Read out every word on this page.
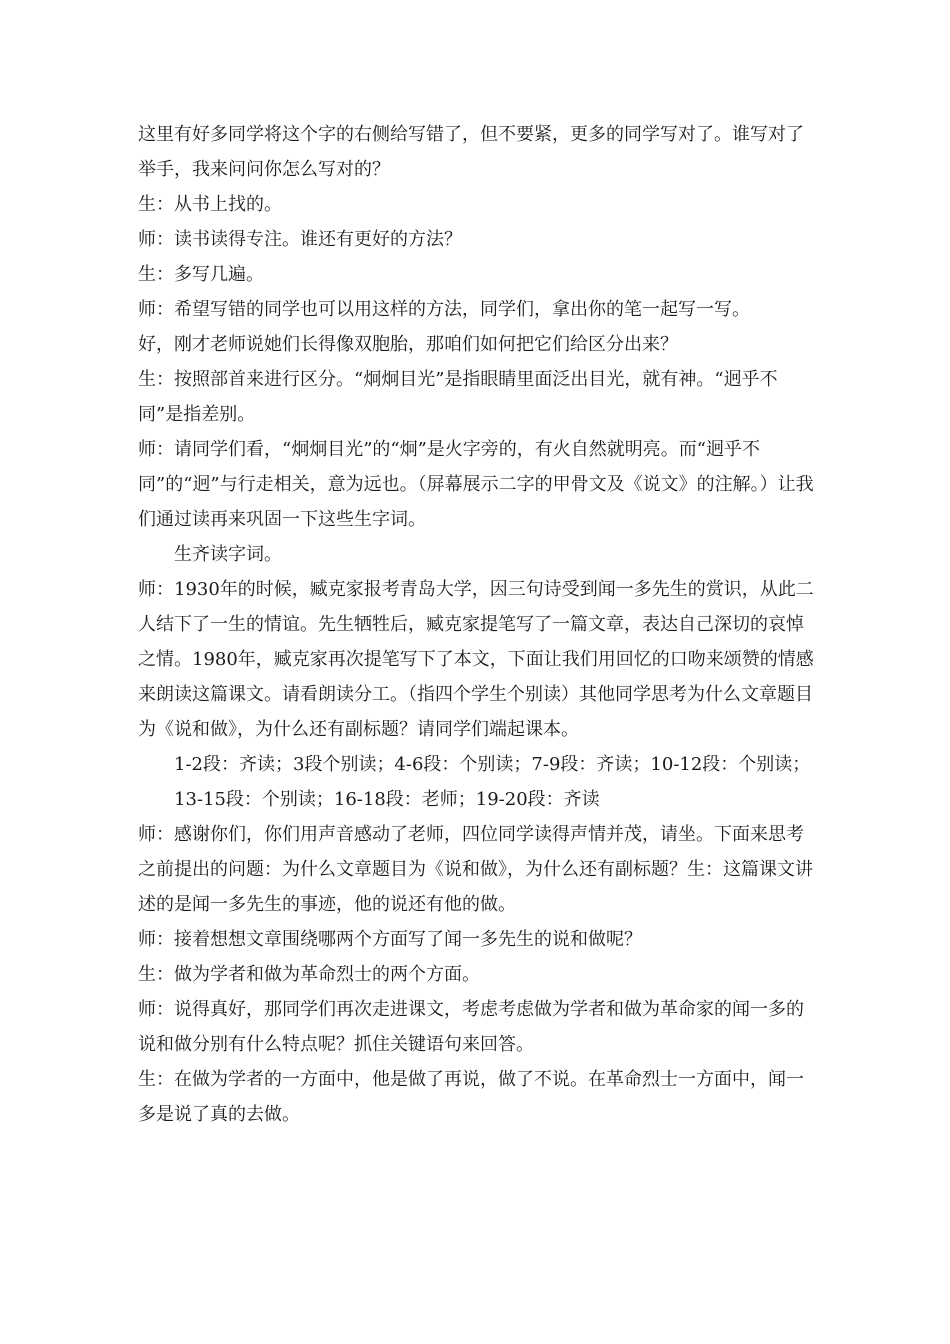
这里有好多同学将这个字的右侧给写错了，但不要紧，更多的同学写对了。谁写对了举手，我来问问你怎么写对的？

生：从书上找的。

师：读书读得专注。谁还有更好的方法？

生：多写几遍。

师：希望写错的同学也可以用这样的方法，同学们，拿出你的笔一起写一写。

好，刚才老师说她们长得像双胞胎，那咱们如何把它们给区分出来？

生：按照部首来进行区分。“炯炯目光”是指眼睛里面泛出目光，就有神。“迥乎不同”是指差别。

师：请同学们看，“炯炯目光”的“炯”是火字旁的，有火自然就明亮。而“迥乎不同”的“迥”与行走相关，意为远也。（屏幕展示二字的甲骨文及《说文》的注解。）让我们通过读再来巩固一下这些生字词。

生齐读字词。

师：1930年的时候，臧克家报考青岛大学，因三句诗受到闻一多先生的赏识，从此二人结下了一生的情谊。先生牺牲后，臧克家提笔写了一篇文章，表达自己深切的哀悼之情。1980年，臧克家再次提笔写下了本文，下面让我们用回忆的口吻来颂赞的情感来朗读这篇课文。请看朗读分工。（指四个学生个别读）其他同学思考为什么文章题目为《说和做》，为什么还有副标题？请同学们端起课本。

1-2段：齐读；3段个别读；4-6段：个别读；7-9段：齐读；10-12段：个别读；13-15段：个别读；16-18段：老师；19-20段：齐读

师：感谢你们，你们用声音感动了老师，四位同学读得声情并茂，请坐。下面来思考之前提出的问题：为什么文章题目为《说和做》，为什么还有副标题？生：这篇课文讲述的是闻一多先生的事迹，他的说还有他的做。

师：接着想想文章围绕哪两个方面写了闻一多先生的说和做呢？

生：做为学者和做为革命烈士的两个方面。

师：说得真好，那同学们再次走进课文，考虑考虑做为学者和做为革命家的闻一多的说和做分别有什么特点呢？抓住关键语句来回答。

生：在做为学者的一方面中，他是做了再说，做了不说。在革命烈士一方面中，闻一多是说了真的去做。
